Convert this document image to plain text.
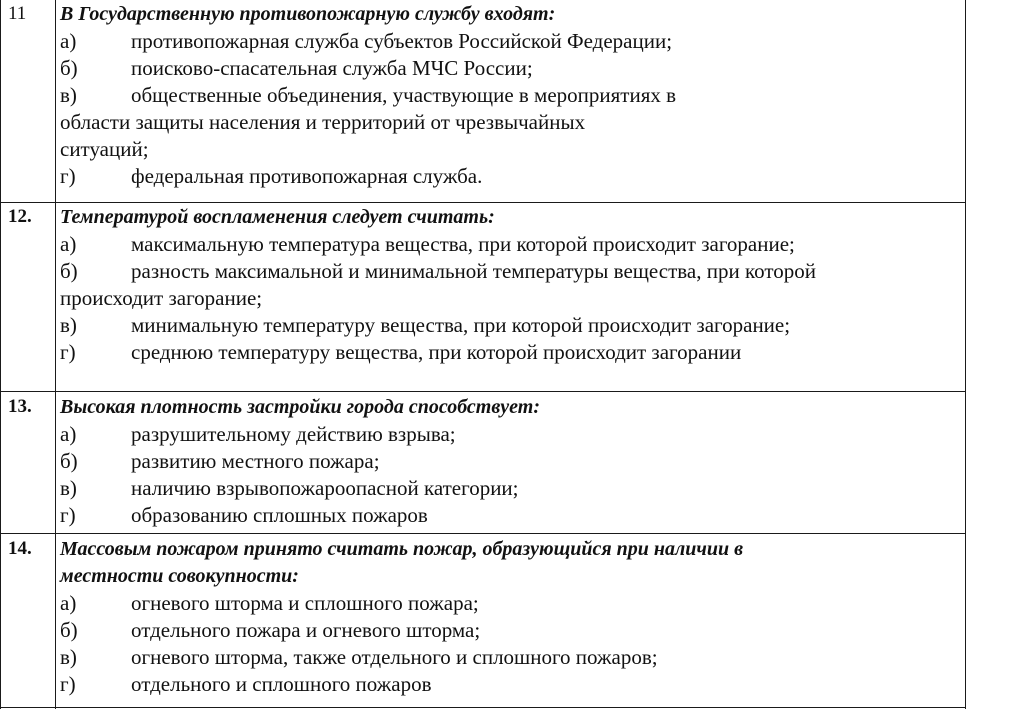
11 В Государственную противопожарную службу входят:
а)	противопожарная служба субъектов Российской Федерации;
б)	поисково-спасательная служба МЧС России;
в)	общественные объединения, участвующие в мероприятиях в
области защиты населения и территорий от чрезвычайных
ситуаций;
г)	федеральная противопожарная служба.
12. Температурой воспламенения следует считать:
а)	максимальную температура вещества, при которой происходит загорание;
б)	разность максимальной и минимальной температуры вещества, при которой
происходит загорание;
в)	минимальную температуру вещества, при которой происходит загорание;
г)	среднюю температуру вещества, при которой происходит загорании
13. Высокая плотность застройки города способствует:
а)	разрушительному действию взрыва;
б)	развитию местного пожара;
в)	наличию взрывопожароопасной категории;
г)	образованию сплошных пожаров
14. Массовым пожаром принято считать пожар, образующийся при наличии в
местности совокупности:
а)	огневого шторма и сплошного пожара;
б)	отдельного пожара и огневого шторма;
в)	огневого шторма, также отдельного и сплошного пожаров;
г)	отдельного и сплошного пожаров
